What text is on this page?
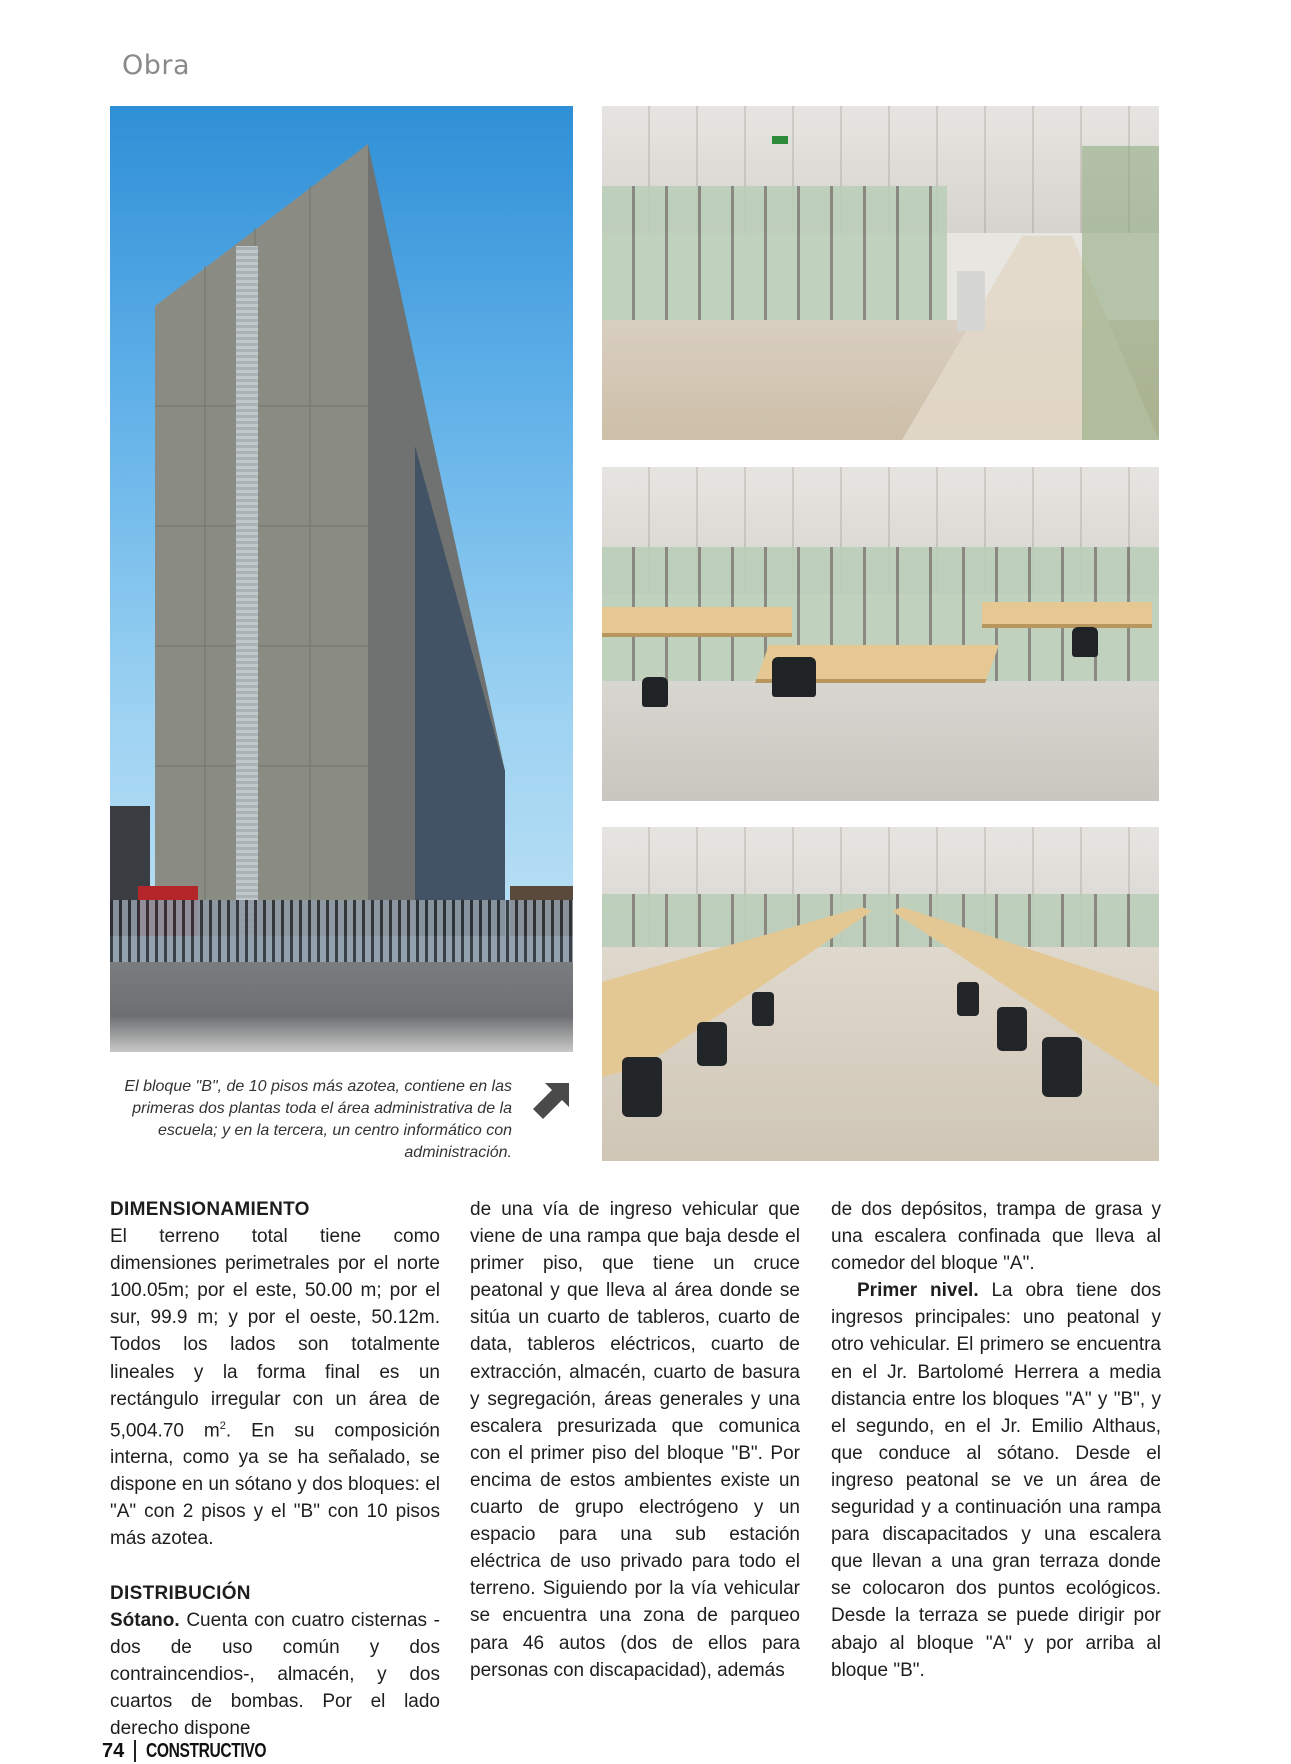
Obra
El bloque "B", de 10 pisos más azotea, contiene en las primeras dos plantas toda el área administrativa de la escuela; y en la tercera, un centro informático con administración.
DIMENSIONAMIENTO

El terreno total tiene como dimensiones perimetrales por el norte 100.05m; por el este, 50.00 m; por el sur, 99.9 m; y por el oeste, 50.12m. Todos los lados son totalmente lineales y la forma final es un rectángulo irregular con un área de 5,004.70 $m^2$. En su composición interna, como ya se ha señalado, se dispone en un sótano y dos bloques: el "A" con 2 pisos y el "B" con 10 pisos más azotea.

DISTRIBUCIÓN

Sótano. Cuenta con cuatro cisternas -dos de uso común y dos contraincendios-, almacén, y dos cuartos de bombas. Por el lado derecho dispone

de una vía de ingreso vehicular que viene de una rampa que baja desde el primer piso, que tiene un cruce peatonal y que lleva al área donde se sitúa un cuarto de tableros, cuarto de data, tableros eléctricos, cuarto de extracción, almacén, cuarto de basura y segregación, áreas generales y una escalera presurizada que comunica con el primer piso del bloque "B". Por encima de estos ambientes existe un cuarto de grupo electrógeno y un espacio para una sub estación eléctrica de uso privado para todo el terreno. Siguiendo por la vía vehicular se encuentra una zona de parqueo para 46 autos (dos de ellos para personas con discapacidad), además

de dos depósitos, trampa de grasa y una escalera confinada que lleva al comedor del bloque "A".

Primer nivel. La obra tiene dos ingresos principales: uno peatonal y otro vehicular. El primero se encuentra en el Jr. Bartolomé Herrera a media distancia entre los bloques "A" y "B", y el segundo, en el Jr. Emilio Althaus, que conduce al sótano. Desde el ingreso peatonal se ve un área de seguridad y a continuación una rampa para discapacitados y una escalera que llevan a una gran terraza donde se colocaron dos puntos ecológicos. Desde la terraza se puede dirigir por abajo al bloque "A" y por arriba al bloque "B".

74 CONSTRUCTIVO
